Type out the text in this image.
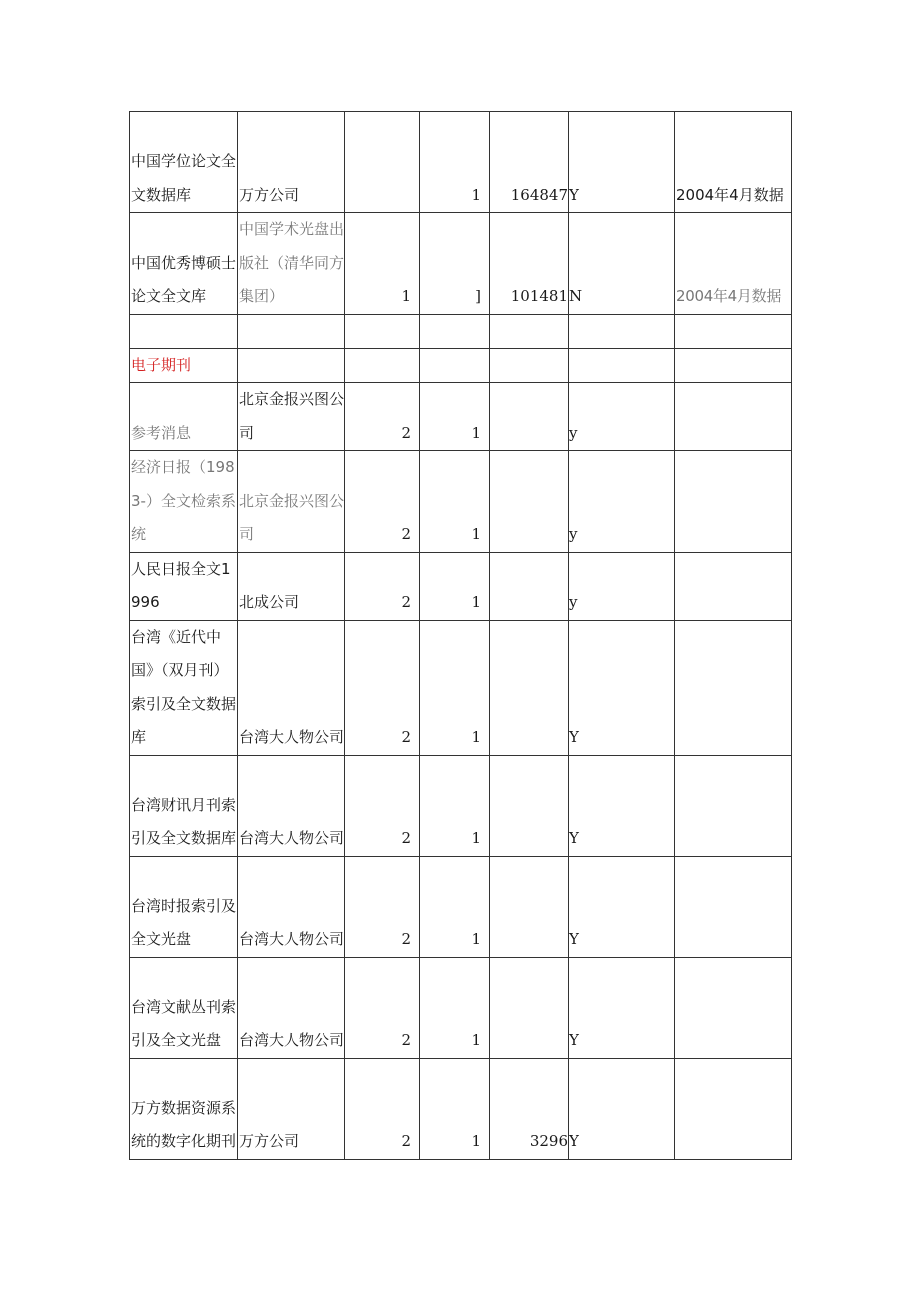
中国学位论文全文数据库	万方公司		1	164847	Y	2004年4月数据
中国优秀博硕士论文全文库	中国学术光盘出版社（清华同方集团）	1	]	101481	N	2004年4月数据

电子期刊						
参考消息	北京金报兴图公司	2	1		y	
经济日报（1983-）全文检索系统	北京金报兴图公司	2	1		y	
人民日报全文1996	北成公司	2	1		y	
台湾《近代中国》（双月刊）索引及全文数据库	台湾大人物公司	2	1		Y	
台湾财讯月刊索引及全文数据库	台湾大人物公司	2	1		Y	
台湾时报索引及全文光盘	台湾大人物公司	2	1		Y	
台湾文献丛刊索引及全文光盘	台湾大人物公司	2	1		Y	
万方数据资源系统的数字化期刊	万方公司	2	1	3296	Y	
